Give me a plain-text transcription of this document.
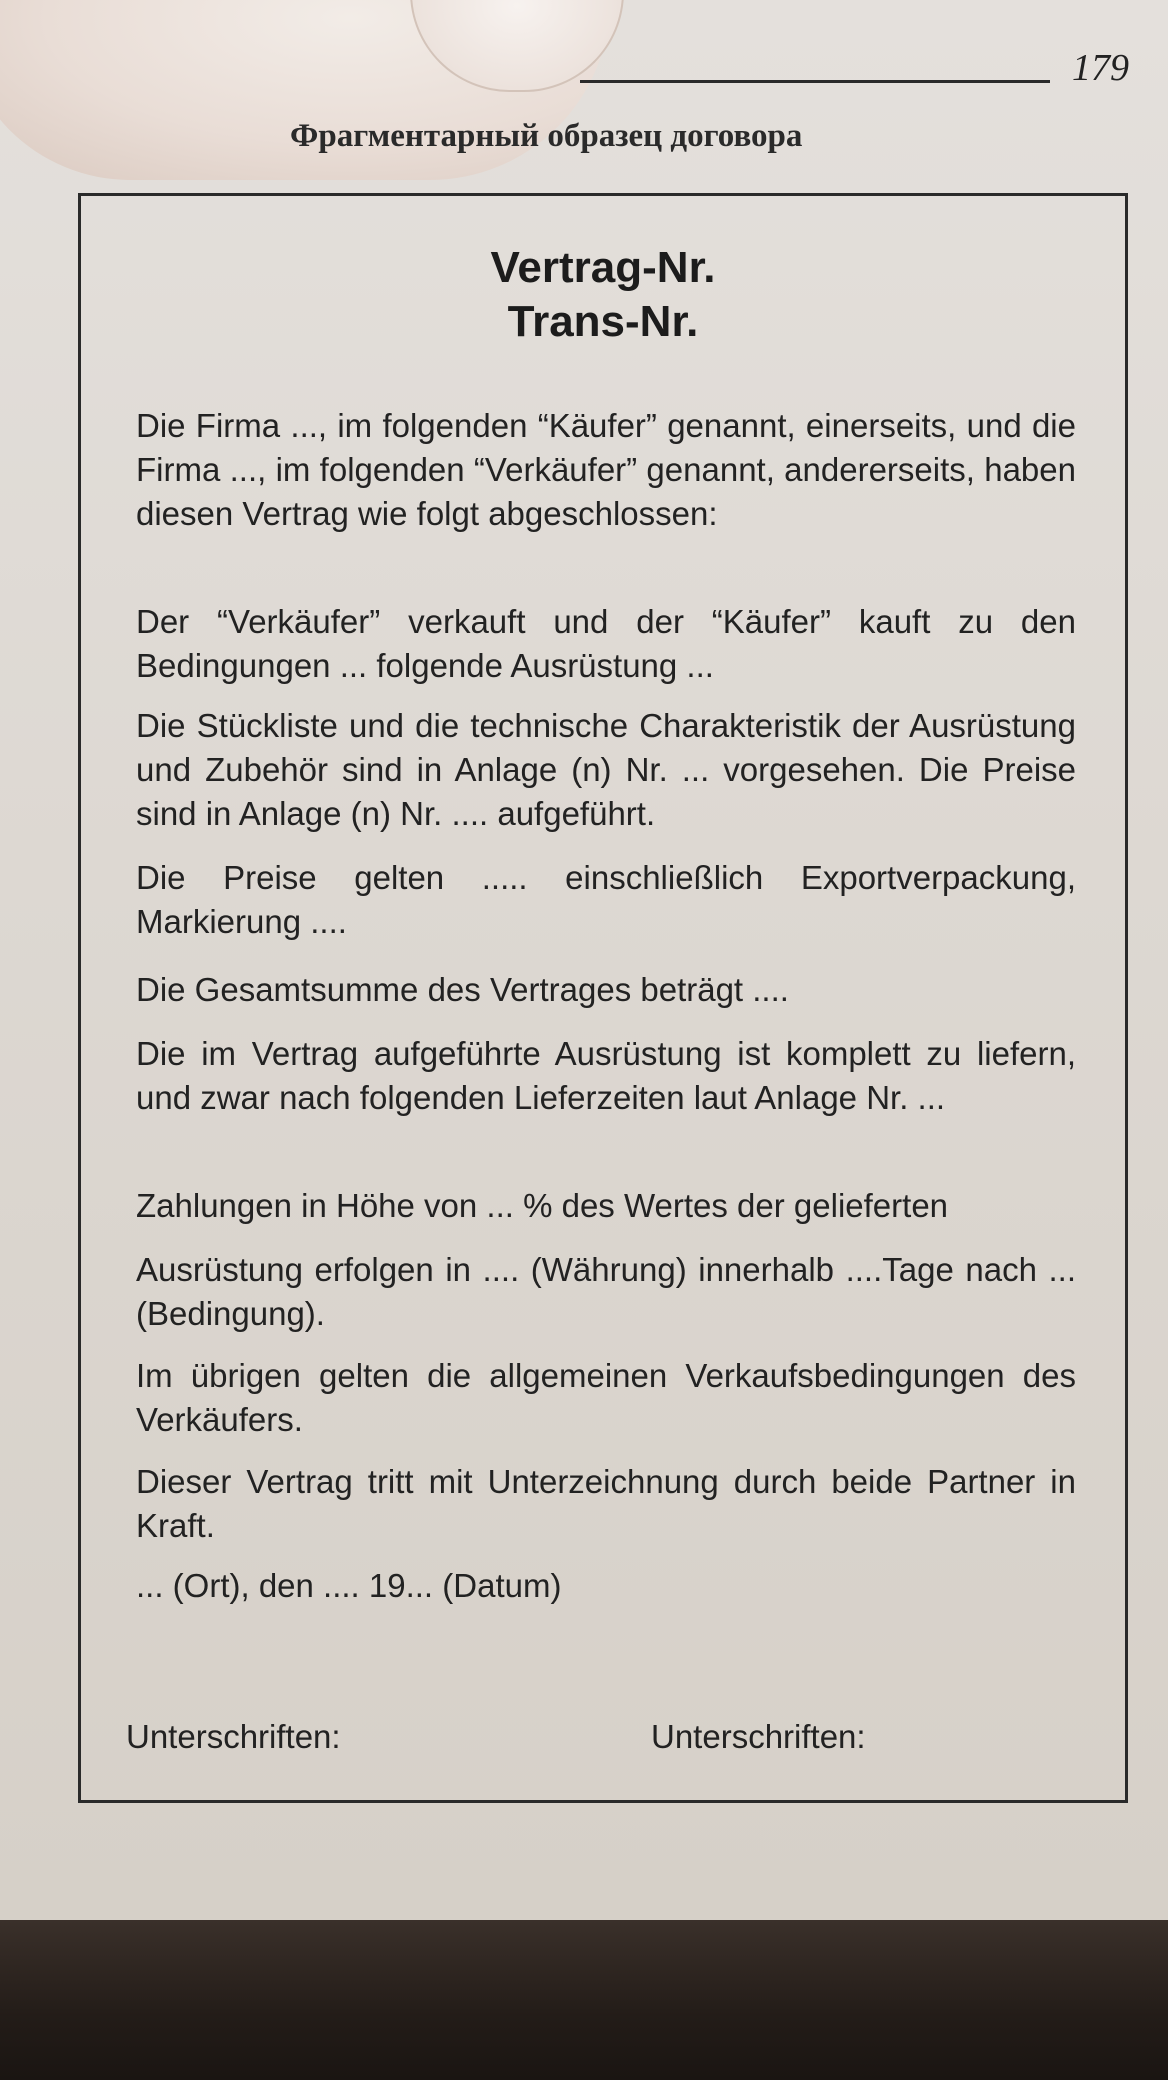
179
Фрагментарный образец договора
Vertrag-Nr.
Trans-Nr.
Die Firma ..., im folgenden “Käufer” genannt, einerseits, und die Firma ..., im folgenden “Verkäufer” genannt, andererseits, haben diesen Vertrag wie folgt abgeschlossen:
Der “Verkäufer” verkauft und der “Käufer” kauft zu den Bedingungen ... folgende Ausrüstung ...
Die Stückliste und die technische Charakteristik der Ausrüstung und Zubehör sind in Anlage (n) Nr. ... vorgesehen. Die Preise sind in Anlage (n) Nr. .... aufgeführt.
Die Preise gelten ..... einschließlich Exportverpackung, Markierung ....
Die Gesamtsumme des Vertrages beträgt ....
Die im Vertrag aufgeführte Ausrüstung ist komplett zu liefern, und zwar nach folgenden Lieferzeiten laut Anlage Nr. ...
Zahlungen in Höhe von ... % des Wertes der gelieferten
Ausrüstung erfolgen in .... (Währung) innerhalb ....Tage nach ... (Bedingung).
Im übrigen gelten die allgemeinen Verkaufsbedingungen des Verkäufers.
Dieser Vertrag tritt mit Unterzeichnung durch beide Partner in Kraft.
... (Ort), den .... 19... (Datum)
Unterschriften:	Unterschriften:
